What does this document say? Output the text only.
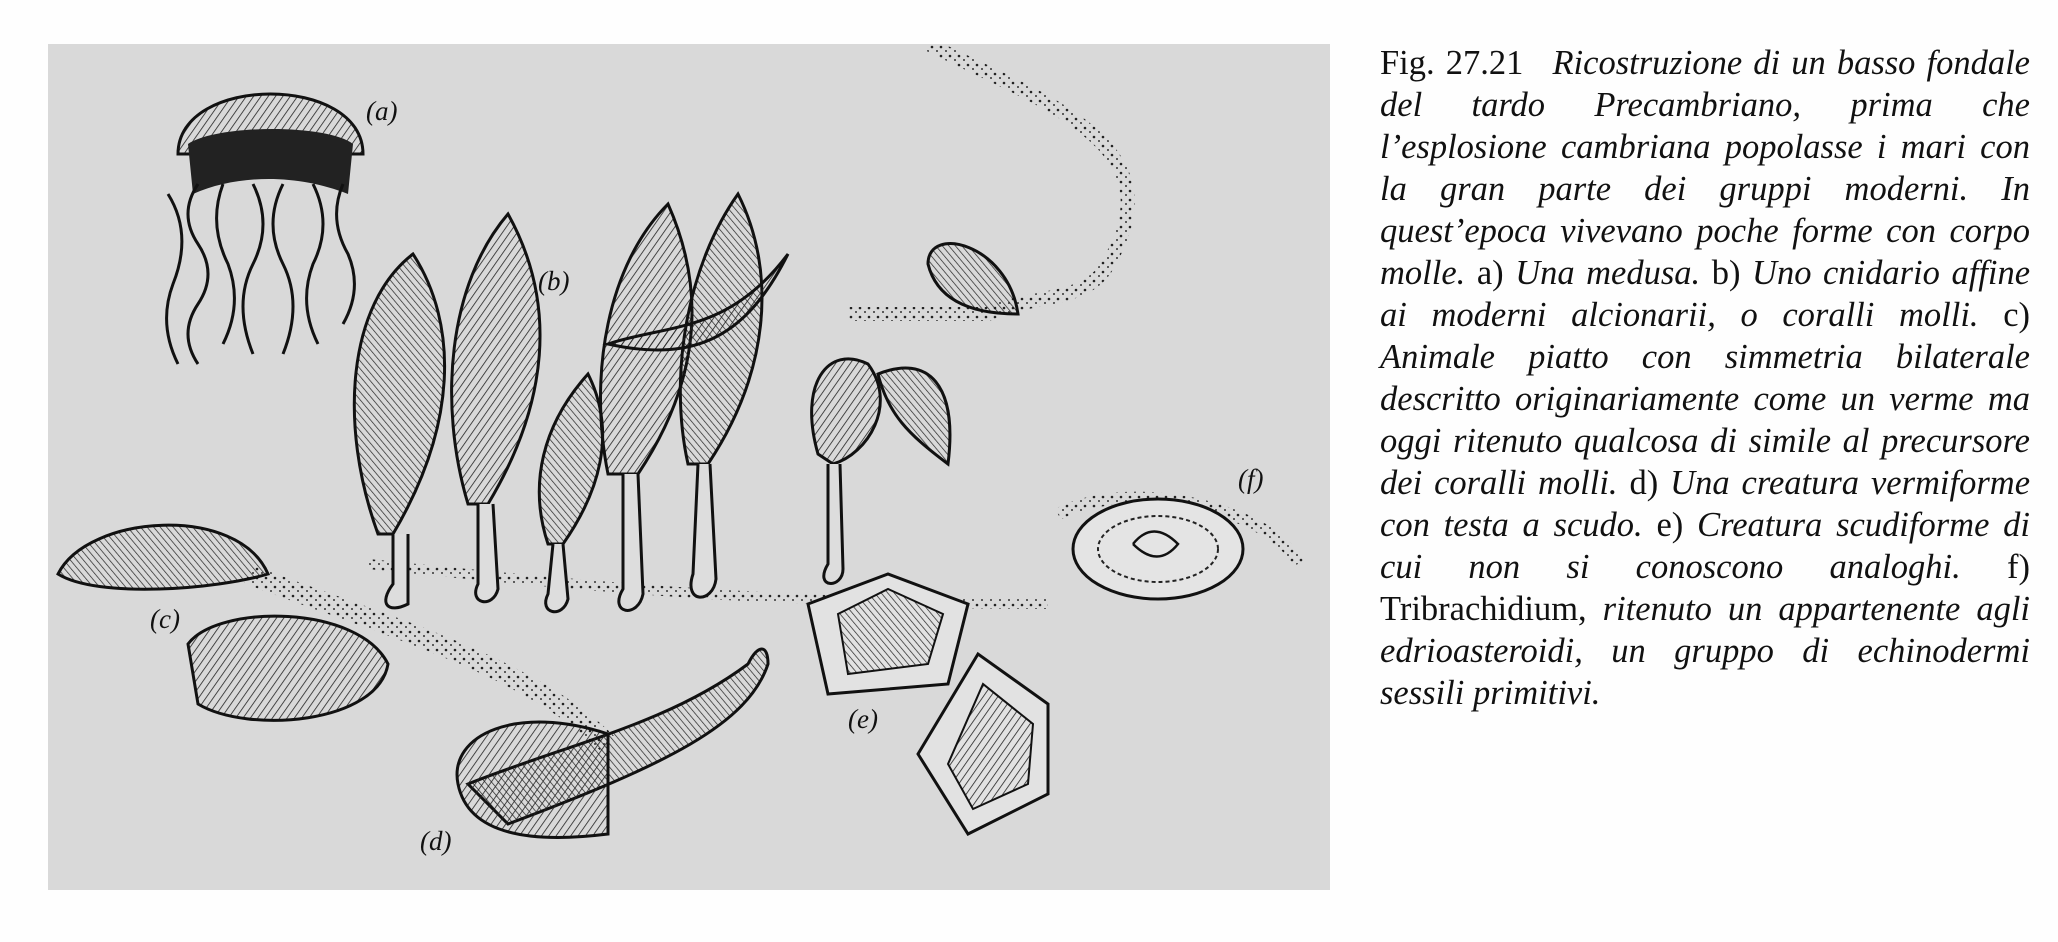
(a)
(b)
(c)
(d)
(e)
(f)
Fig. 27.21 Ricostruzione di un basso fondale del tardo Precambriano, prima che l’esplosione cambriana popolasse i mari con la gran parte dei gruppi moderni. In quest’epoca vivevano poche forme con corpo molle. a) Una medusa. b) Uno cnidario affine ai moderni alcionarii, o coralli molli. c) Animale piatto con simmetria bilaterale descritto originariamente come un verme ma oggi ritenuto qualcosa di simile al precursore dei coralli molli. d) Una creatura vermiforme con testa a scudo. e) Creatura scudiforme di cui non si conoscono analoghi. f) Tribrachidium, ritenuto un appartenente agli edrioasteroidi, un gruppo di echinodermi sessili primitivi.
